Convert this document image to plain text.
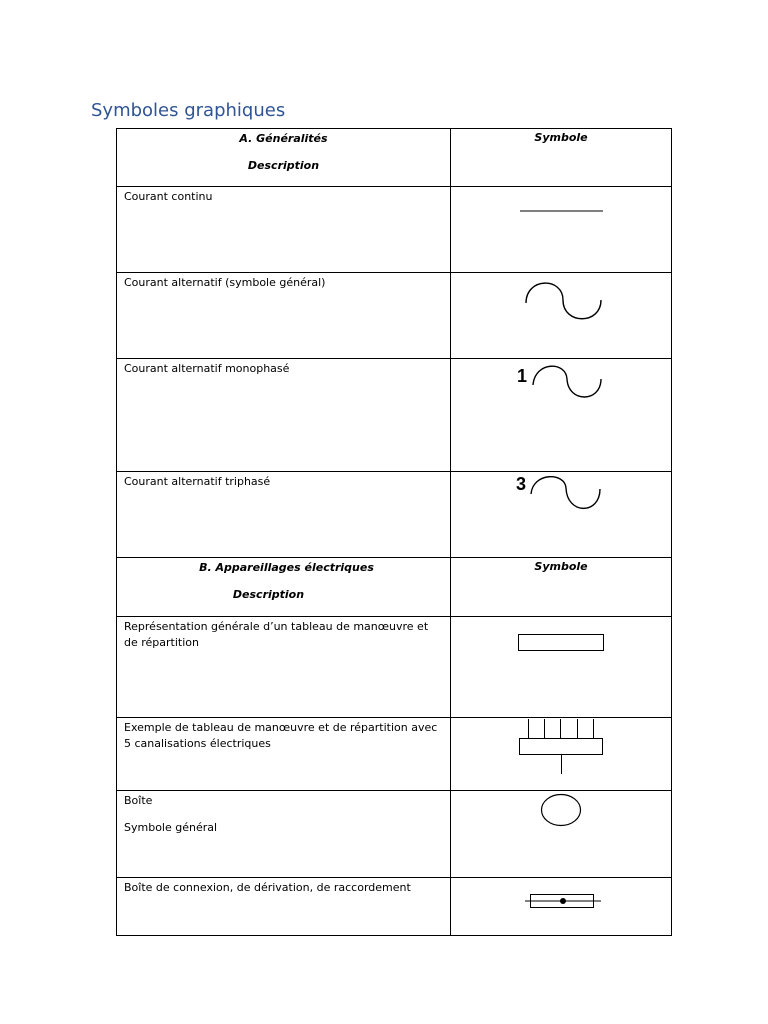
Symboles graphiques
A. Généralités
Description	Symbole

Courant continu

Courant alternatif (symbole général)

Courant alternatif monophasé	1

Courant alternatif triphasé	3

B. Appareillages électriques
Description	Symbole

Représentation générale d’un tableau de manœuvre et
de répartition

Exemple de tableau de manœuvre et de répartition avec
5 canalisations électriques

Boîte
Symbole général

Boîte de connexion, de dérivation, de raccordement
